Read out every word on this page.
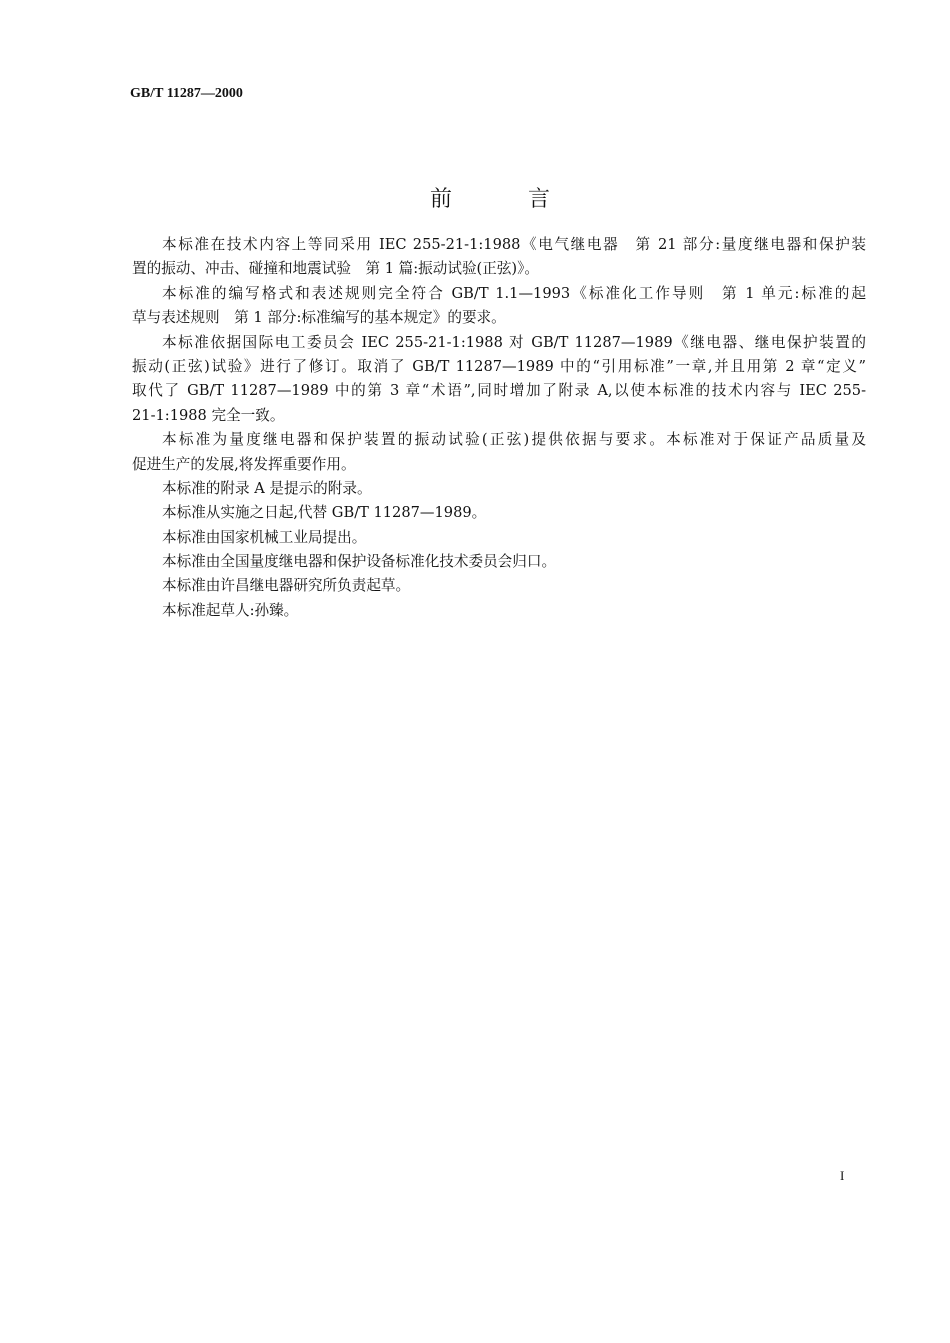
GB/T 11287—2000
前	言
本标准在技术内容上等同采用 IEC 255-21-1:1988《电气继电器　第 21 部分:量度继电器和保护装
置的振动、冲击、碰撞和地震试验　第 1 篇:振动试验(正弦)》。
本标准的编写格式和表述规则完全符合 GB/T 1.1—1993《标准化工作导则　第 1 单元:标准的起
草与表述规则　第 1 部分:标准编写的基本规定》的要求。
本标准依据国际电工委员会 IEC 255-21-1:1988 对 GB/T 11287—1989《继电器、继电保护装置的
振动(正弦)试验》进行了修订。取消了 GB/T 11287—1989 中的“引用标准”一章,并且用第 2 章“定义”
取代了 GB/T 11287—1989 中的第 3 章“术语”,同时增加了附录 A,以使本标准的技术内容与 IEC 255-
21-1:1988 完全一致。
本标准为量度继电器和保护装置的振动试验(正弦)提供依据与要求。本标准对于保证产品质量及
促进生产的发展,将发挥重要作用。
本标准的附录 A 是提示的附录。
本标准从实施之日起,代替 GB/T 11287—1989。
本标准由国家机械工业局提出。
本标准由全国量度继电器和保护设备标准化技术委员会归口。
本标准由许昌继电器研究所负责起草。
本标准起草人:孙臻。
I
